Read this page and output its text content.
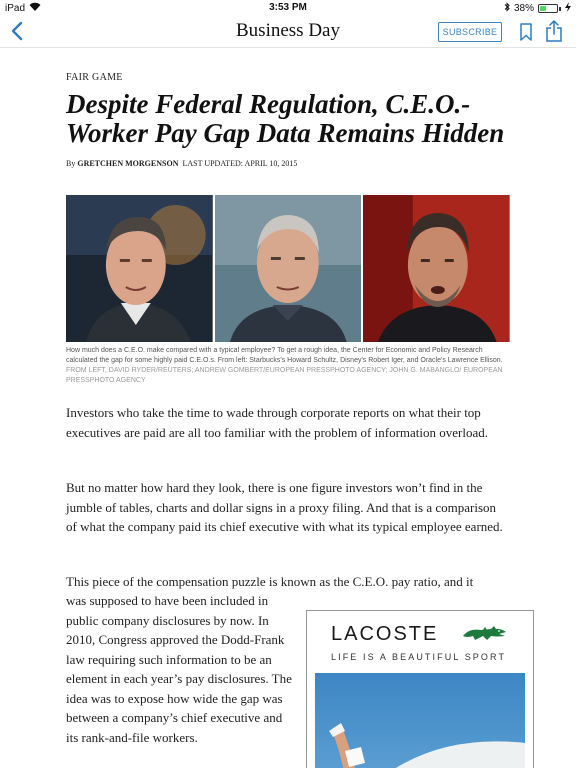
iPad	3:53 PM	38%
Business Day	SUBSCRIBE
FAIR GAME
Despite Federal Regulation, C.E.O.-
Worker Pay Gap Data Remains Hidden
By GRETCHEN MORGENSON LAST UPDATED: APRIL 10, 2015
How much does a C.E.O. make compared with a typical employee? To get a rough idea, the Center for Economic and Policy Research calculated the gap for some highly paid C.E.O.s. From left: Starbucks's Howard Schultz, Disney's Robert Iger, and Oracle's Lawrence Ellison. FROM LEFT, DAVID RYDER/REUTERS; ANDREW GOMBERT/EUROPEAN PRESSPHOTO AGENCY; JOHN G. MABANGLO/ EUROPEAN PRESSPHOTO AGENCY

Investors who take the time to wade through corporate reports on what their top executives are paid are all too familiar with the problem of information overload.

But no matter how hard they look, there is one figure investors won’t find in the jumble of tables, charts and dollar signs in a proxy filing. And that is a comparison of what the company paid its chief executive with what its typical employee earned.

This piece of the compensation puzzle is known as the C.E.O. pay ratio, and it

was supposed to have been included in public company disclosures by now. In 2010, Congress approved the Dodd-Frank law requiring such information to be an element in each year’s pay disclosures. The idea was to expose how wide the gap was between a company’s chief executive and its rank-and-file workers.

LACOSTE
LIFE IS A BEAUTIFUL SPORT
